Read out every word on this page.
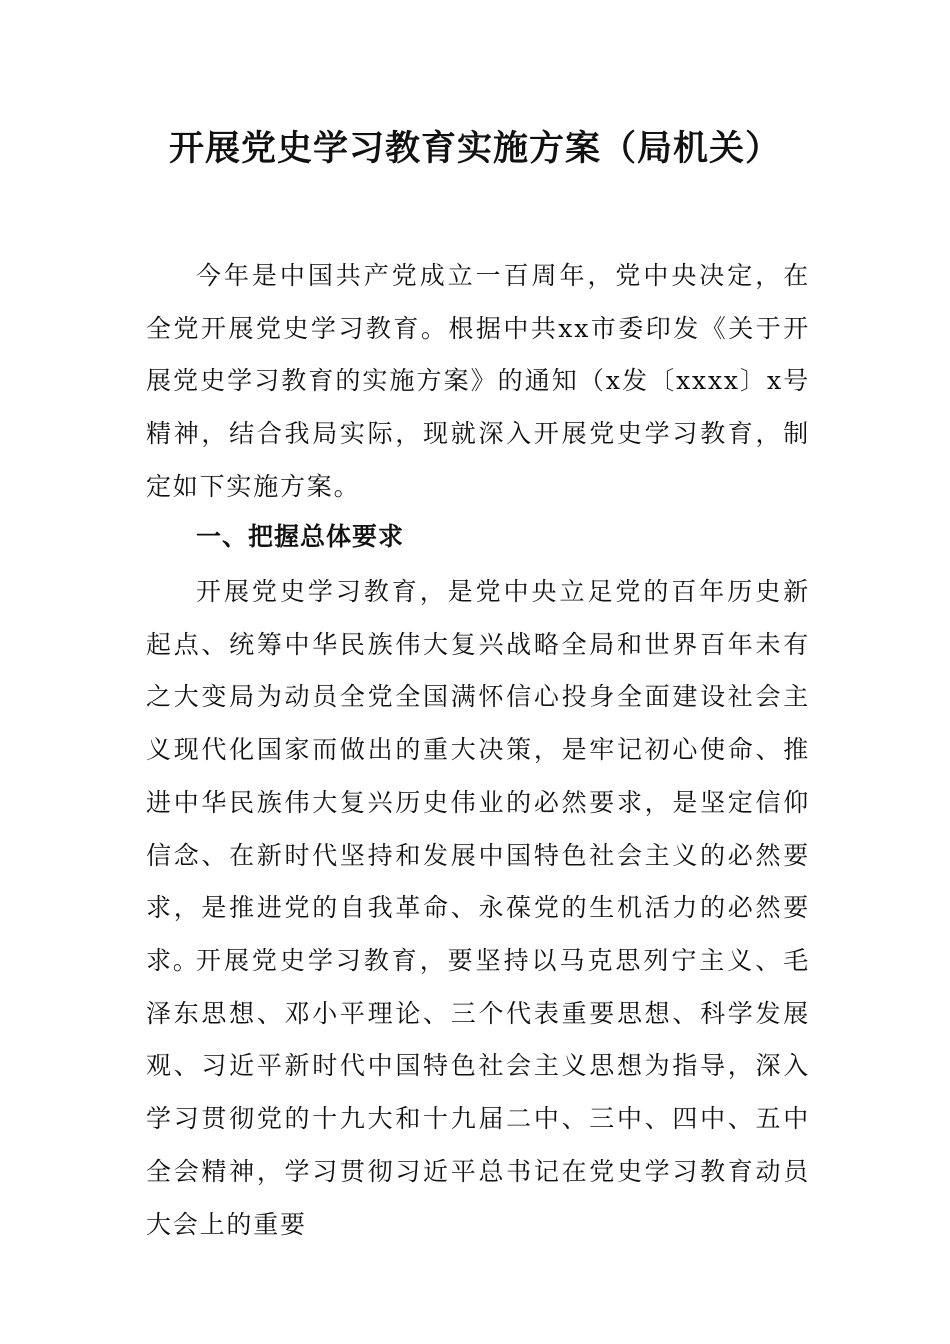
开展党史学习教育实施方案（局机关）

今年是中国共产党成立一百周年，党中央决定，在全党开展党史学习教育。根据中共xx市委印发《关于开展党史学习教育的实施方案》的通知（x发〔xxxx〕x号精神，结合我局实际，现就深入开展党史学习教育，制定如下实施方案。

一、把握总体要求

开展党史学习教育，是党中央立足党的百年历史新起点、统筹中华民族伟大复兴战略全局和世界百年未有之大变局为动员全党全国满怀信心投身全面建设社会主义现代化国家而做出的重大决策，是牢记初心使命、推进中华民族伟大复兴历史伟业的必然要求，是坚定信仰信念、在新时代坚持和发展中国特色社会主义的必然要求，是推进党的自我革命、永葆党的生机活力的必然要求。

开展党史学习教育，要坚持以马克思列宁主义、毛泽东思想、邓小平理论、三个代表重要思想、科学发展观、习近平新时代中国特色社会主义思想为指导，深入学习贯彻党的十九大和十九届二中、三中、四中、五中全会精神，学习贯彻习近平总书记在党史学习教育动员大会上的重要
